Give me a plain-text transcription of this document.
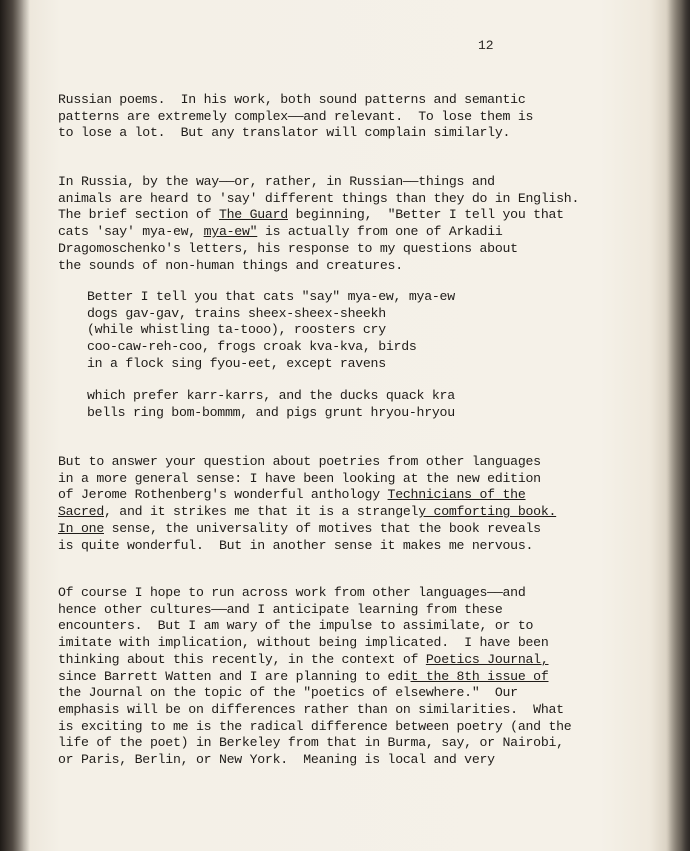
12
Russian poems.  In his work, both sound patterns and semantic
patterns are extremely complex——and relevant.  To lose them is
to lose a lot.  But any translator will complain similarly.
In Russia, by the way——or, rather, in Russian——things and
animals are heard to 'say' different things than they do in English.
The brief section of The Guard beginning,  "Better I tell you that
cats 'say' mya-ew, mya-ew" is actually from one of Arkadii
Dragomoschenko's letters, his response to my questions about
the sounds of non-human things and creatures.
Better I tell you that cats "say" mya-ew, mya-ew
dogs gav-gav, trains sheex-sheex-sheekh
(while whistling ta-tooo), roosters cry
coo-caw-reh-coo, frogs croak kva-kva, birds
in a flock sing fyou-eet, except ravens
which prefer karr-karrs, and the ducks quack kra
bells ring bom-bommm, and pigs grunt hryou-hryou
But to answer your question about poetries from other languages
in a more general sense: I have been looking at the new edition
of Jerome Rothenberg's wonderful anthology Technicians of the
Sacred, and it strikes me that it is a strangely comforting book.
In one sense, the universality of motives that the book reveals
is quite wonderful.  But in another sense it makes me nervous.
Of course I hope to run across work from other languages——and
hence other cultures——and I anticipate learning from these
encounters.  But I am wary of the impulse to assimilate, or to
imitate with implication, without being implicated.  I have been
thinking about this recently, in the context of Poetics Journal,
since Barrett Watten and I are planning to edit the 8th issue of
the Journal on the topic of the "poetics of elsewhere."  Our
emphasis will be on differences rather than on similarities.  What
is exciting to me is the radical difference between poetry (and the
life of the poet) in Berkeley from that in Burma, say, or Nairobi,
or Paris, Berlin, or New York.  Meaning is local and very
